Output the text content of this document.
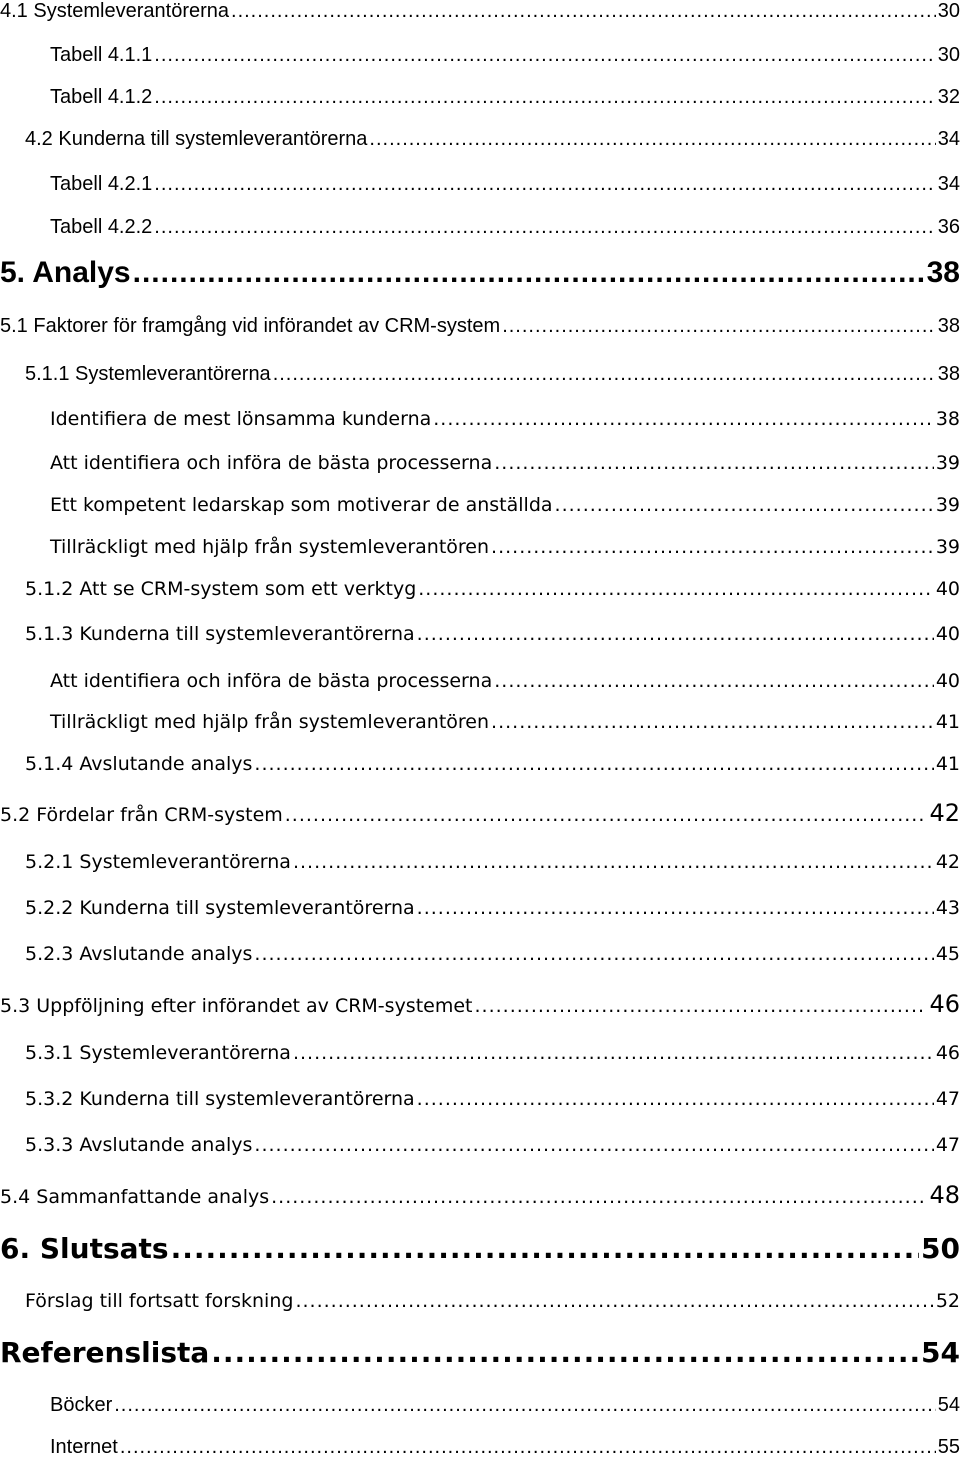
4.1 Systemleverantörerna .....	30
Tabell 4.1.1 .....	30
Tabell 4.1.2 .....	32
4.2 Kunderna till systemleverantörerna .....	34
Tabell 4.2.1 .....	34
Tabell 4.2.2 .....	36
5. Analys .....	38
5.1 Faktorer för framgång vid införandet av CRM-system .....	38
5.1.1 Systemleverantörerna .....	38
Identifiera de mest lönsamma kunderna .....	38
Att identifiera och införa de bästa processerna .....	39
Ett kompetent ledarskap som motiverar de anställda .....	39
Tillräckligt med hjälp från systemleverantören .....	39
5.1.2 Att se CRM-system som ett verktyg .....	40
5.1.3 Kunderna till systemleverantörerna .....	40
Att identifiera och införa de bästa processerna .....	40
Tillräckligt med hjälp från systemleverantören .....	41
5.1.4 Avslutande analys .....	41
5.2 Fördelar från CRM-system .....	42
5.2.1 Systemleverantörerna .....	42
5.2.2 Kunderna till systemleverantörerna .....	43
5.2.3 Avslutande analys .....	45
5.3 Uppföljning efter införandet av CRM-systemet .....	46
5.3.1 Systemleverantörerna .....	46
5.3.2 Kunderna till systemleverantörerna .....	47
5.3.3 Avslutande analys .....	47
5.4 Sammanfattande analys .....	48
6. Slutsats .....	50
Förslag till fortsatt forskning .....	52
Referenslista .....	54
Böcker .....	54
Internet .....	55
